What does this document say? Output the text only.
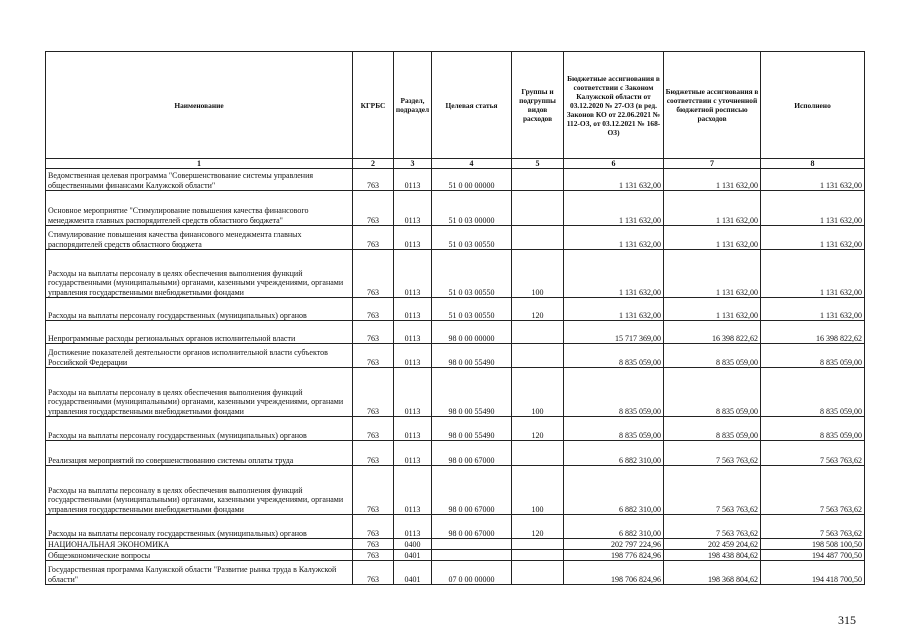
Наименование	КГРБС	Раздел, подраздел	Целевая статья	Группы и подгруппы видов расходов	Бюджетные ассигнования в соответствии с Законом Калужской области от 03.12.2020 № 27-ОЗ (в ред. Законов КО от 22.06.2021 № 112-ОЗ, от 03.12.2021 № 168-ОЗ)	Бюджетные ассигнования в соответствии с уточненной бюджетной росписью расходов	Исполнено
1	2	3	4	5	6	7	8
Ведомственная целевая программа "Совершенствование системы управления общественными финансами Калужской области"	763	0113	51 0 00 00000		1 131 632,00	1 131 632,00	1 131 632,00
Основное мероприятие "Стимулирование повышения качества финансового менеджмента главных распорядителей средств областного бюджета"	763	0113	51 0 03 00000		1 131 632,00	1 131 632,00	1 131 632,00
Стимулирование повышения качества финансового менеджмента главных распорядителей средств областного бюджета	763	0113	51 0 03 00550		1 131 632,00	1 131 632,00	1 131 632,00
Расходы на выплаты персоналу в целях обеспечения выполнения функций государственными (муниципальными) органами, казенными учреждениями, органами управления государственными внебюджетными фондами	763	0113	51 0 03 00550	100	1 131 632,00	1 131 632,00	1 131 632,00
Расходы на выплаты персоналу государственных (муниципальных) органов	763	0113	51 0 03 00550	120	1 131 632,00	1 131 632,00	1 131 632,00
Непрограммные расходы региональных органов исполнительной власти	763	0113	98 0 00 00000		15 717 369,00	16 398 822,62	16 398 822,62
Достижение показателей деятельности органов исполнительной власти субъектов Российской Федерации	763	0113	98 0 00 55490		8 835 059,00	8 835 059,00	8 835 059,00
Расходы на выплаты персоналу в целях обеспечения выполнения функций государственными (муниципальными) органами, казенными учреждениями, органами управления государственными внебюджетными фондами	763	0113	98 0 00 55490	100	8 835 059,00	8 835 059,00	8 835 059,00
Расходы на выплаты персоналу государственных (муниципальных) органов	763	0113	98 0 00 55490	120	8 835 059,00	8 835 059,00	8 835 059,00
Реализация мероприятий по совершенствованию системы оплаты труда	763	0113	98 0 00 67000		6 882 310,00	7 563 763,62	7 563 763,62
Расходы на выплаты персоналу в целях обеспечения выполнения функций государственными (муниципальными) органами, казенными учреждениями, органами управления государственными внебюджетными фондами	763	0113	98 0 00 67000	100	6 882 310,00	7 563 763,62	7 563 763,62
Расходы на выплаты персоналу государственных (муниципальных) органов	763	0113	98 0 00 67000	120	6 882 310,00	7 563 763,62	7 563 763,62
НАЦИОНАЛЬНАЯ ЭКОНОМИКА	763	0400			202 797 224,96	202 459 204,62	198 508 100,50
Общеэкономические вопросы	763	0401			198 776 824,96	198 438 804,62	194 487 700,50
Государственная программа Калужской области "Развитие рынка труда в Калужской области"	763	0401	07 0 00 00000		198 706 824,96	198 368 804,62	194 418 700,50
315
